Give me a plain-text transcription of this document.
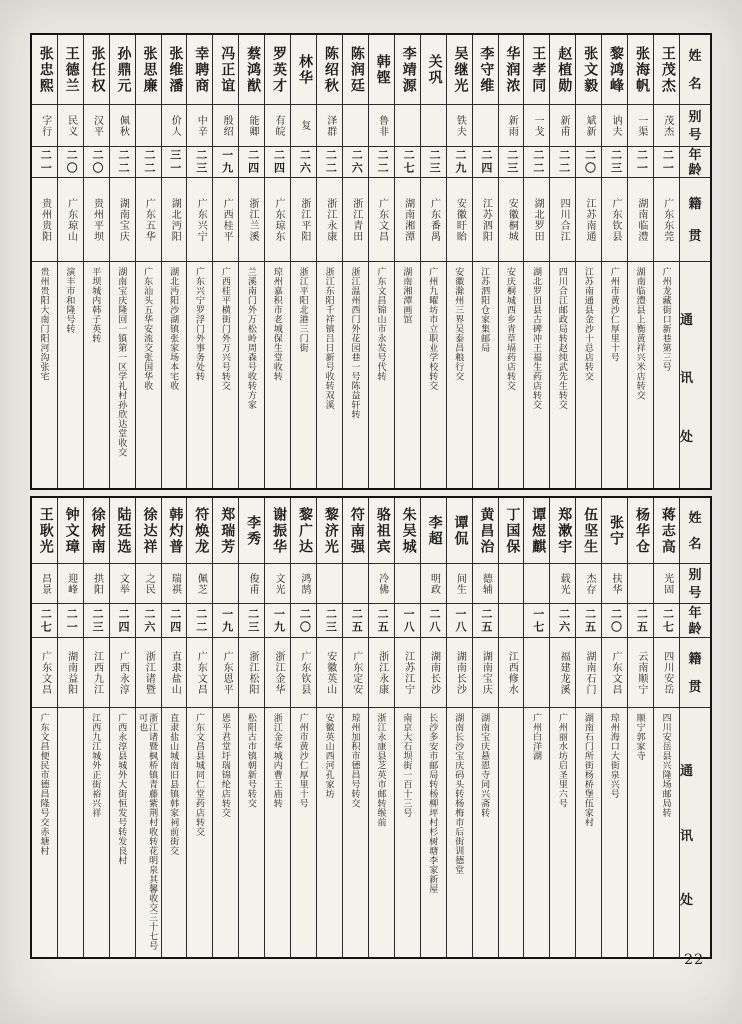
姓
名
别
号
年
龄
籍
贯
通
讯
处
王茂杰
茂杰
二一
广东东莞
广州龙藏街口新巷第三号
张海帆
一渠
二一
湖南临澧
湖南临澧县上衡黄祥兴米店转交
黎鸿峰
讷夫
二三
广东钦县
广州市黄沙仁厚里十号
张文毅
斌新
二〇
江苏南通
江苏南通县金沙十总店转交
赵植勋
新甫
二二
四川合江
四川合江邮政局转赵纯武先生转交
王孝同
一戈
二二
湖北罗田
湖北罗田县古碑冲王福生药店转交
华润浓
新雨
二三
安徽桐城
安庆桐城西乡青草塥药店转交
李守维
二四
江苏泗阳
江苏泗阳仓家集邮局
吴继光
铁夫
二九
安徽盱眙
安徽滁州三界吴泰昌粮行交
关巩
二三
广东番禺
广州九曜坊市立职业学校转交
李靖源
二七
湖南湘潭
湖南湘潭画馆
韩铿
鲁非
二二
广东文昌
广东文昌锦山市永发号代转
陈润廷
二六
浙江青田
浙江温州西门外花园巷一号陈益轩转
陈绍秋
泽群
二二
浙江永康
浙江东阳千祥镇吕日新号收转双溪
林华
复
二六
浙江平阳
浙江平阳北港三门街
罗英才
有皖
二四
广东琼东
琼州嘉积市老城保生堂收转
蔡鸿猷
能卿
二四
浙江兰溪
兰溪南门外万松岭周森号收转方家
冯正谊
殷绍
一九
广西桂平
广西桂平横街门外万兴号转交
幸聘商
中辛
二三
广东兴宁
广东兴宁罗浮门外事务处转
张维潘
价人
三一
湖北沔阳
湖北沔阳沙湖镇张家场本宅收
张思廉
二二
广东五华
广东汕头五华安流交张国华收
孙鼎元
佩秋
二二
湖南宝庆
湖南宝庆隆回一镇第一区学礼村孙欣达堂收交
张任权
汉平
二〇
贵州平坝
平坝城内韩子英转
王德兰
民义
二〇
广东琼山
演丰市和隆号转
张忠熙
字行
二一
贵州贵阳
贵州贵阳大南门阳河沟张宅
姓
名
别
号
年
龄
籍
贯
通
讯
处
蒋志高
光固
二七
四川安岳
四川安岳县兴隆场邮局转
杨华仓
二五
云南顺宁
顺宁郭家寺
张宁
扶华
二〇
广东文昌
琼州海口大街泉兴号
伍坚生
杰存
二五
湖南石门
湖南石门所街杨桥堡伍家村
郑漱宇
载光
二六
福建龙溪
广州丽水坊启圣里六号
谭煜麒
一七
广州白洋湖
丁国保
江西修水
黄昌治
德辅
二五
湖南宝庆
湖南宝庆悬恩寺同兴斋转
谭侃
间生
一八
湖南长沙
湖南长沙宝庆码头转杨梅市后街训德堂
李超
明政
二八
湖南长沙
长沙多安市邮局转杨柳坪村杉树塘李家新屋
朱吴城
一八
江苏江宁
南京大石坝街一百十三号
骆祖宾
冷佛
二五
浙江永康
浙江永康县芝英市邮转缑前
符南强
二五
广东定安
琼州加积市德昌号转交
黎济光
二三
安徽英山
安徽英山西河孔家坊
黎广达
鸿鹄
二〇
广东钦县
广州市黄沙仁厚里十号
谢振华
文光
一九
浙江金华
浙江金华城内曹王庙转
李秀
俊甫
二三
浙江松阳
松阳古市镇朝新号转交
郑瑞芳
一九
广东恩平
恩平君堂圩瑞锦纶店转交
符焕龙
佩芝
二二
广东文昌
广东文昌县城同仁堂药店转交
韩灼普
瑞祺
二四
直隶盐山
直隶盐山城南旧县镇韩家祠前街交
徐达祥
之民
二六
浙江诸暨
浙江诸暨枫桥镇青藤紫荆村收转花明泉其馨收交三十七号可也
陆廷选
文举
二四
广西永淳
广西永淳县城外大街恒发号转发良村
徐树南
拱阳
二三
江西九江
江西九江城外正街裕兴祥
钟文璋
迎峰
二一
湖南益阳
王耿光
昌景
二七
广东文昌
广东文昌便民市德昌隆号交赤塘村
22
